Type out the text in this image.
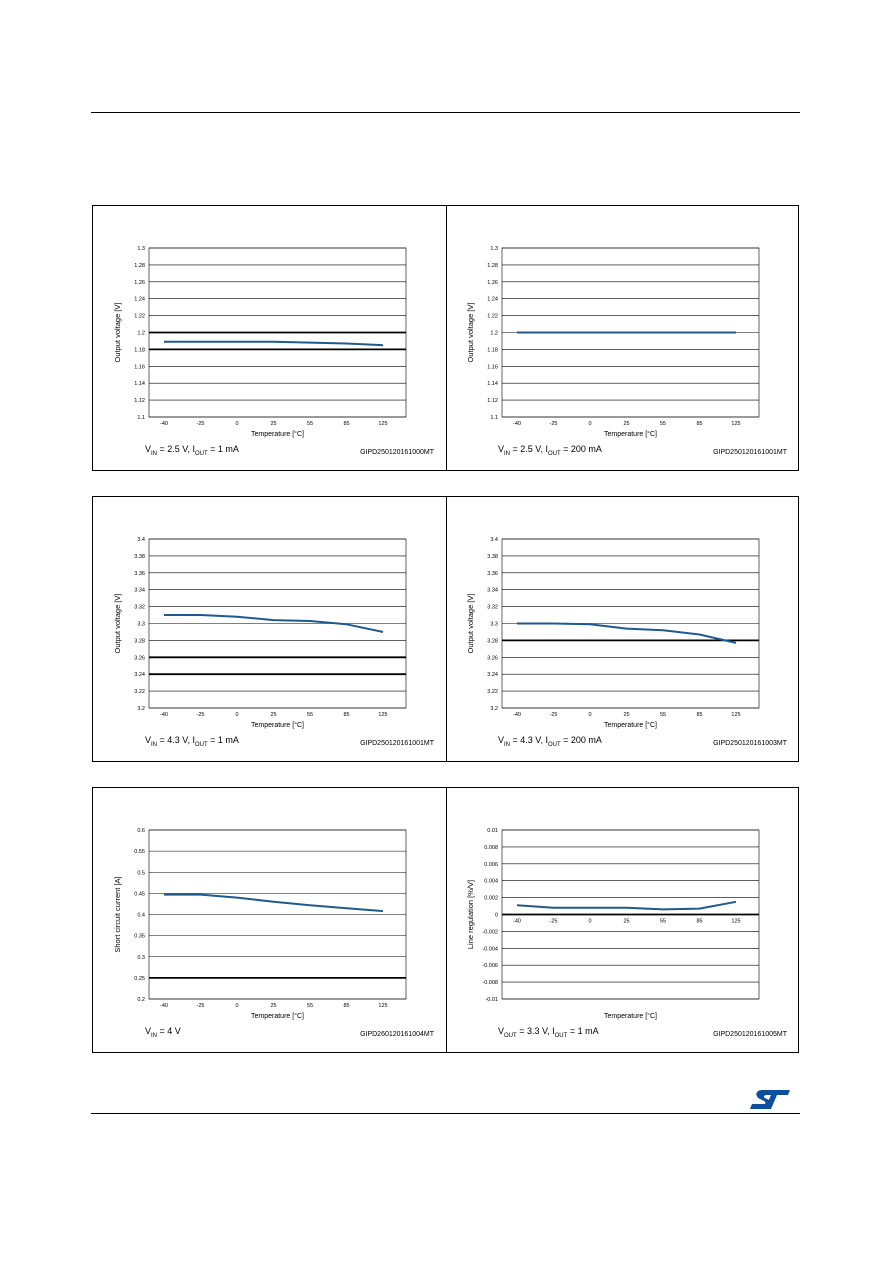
1.3
1.28
1.26
1.24
1.22
1.2
1.18
1.16
1.14
1.12
1.1
-40	-25	0	25	55	85	125
Temperature [°C]
Output voltage [V]
$V_{IN} = 2.5$ V, $I_{OUT} = 1$ mA	GIPD250120161000MT
1.3
1.28
1.26
1.24
1.22
1.2
1.18
1.16
1.14
1.12
1.1
-40	-25	0	25	55	85	125
Temperature [°C]
Output voltage [V]
$V_{IN} = 2.5$ V, $I_{OUT} = 200$ mA	GIPD250120161001MT
3.4
3.38
3.36
3.34
3.32
3.3
3.28
3.26
3.24
3.22
3.2
-40	-25	0	25	55	85	125
Temperature [°C]
Output voltage [V]
$V_{IN} = 4.3$ V, $I_{OUT} = 1$ mA	GIPD250120161001MT
3.4
3.38
3.36
3.34
3.32
3.3
3.28
3.26
3.24
3.22
3.2
-40	-25	0	25	55	85	125
Temperature [°C]
Output voltage [V]
$V_{IN} = 4.3$ V, $I_{OUT} = 200$ mA	GIPD250120161003MT
0.6
0.55
0.5
0.45
0.4
0.35
0.3
0.25
0.2
-40	-25	0	25	55	85	125
Temperature [°C]
Short circuit current [A]
$V_{IN} = 4$ V	GIPD260120161004MT
0.01
0.008
0.006
0.004
0.002
0
-0.002
-0.004
-0.006
-0.008
-0.01
-40	-25	0	25	55	85	125
Temperature [°C]
Line regulation [%/V]
$V_{OUT} = 3.3$ V, $I_{OUT} = 1$ mA	GIPD250120161005MT
